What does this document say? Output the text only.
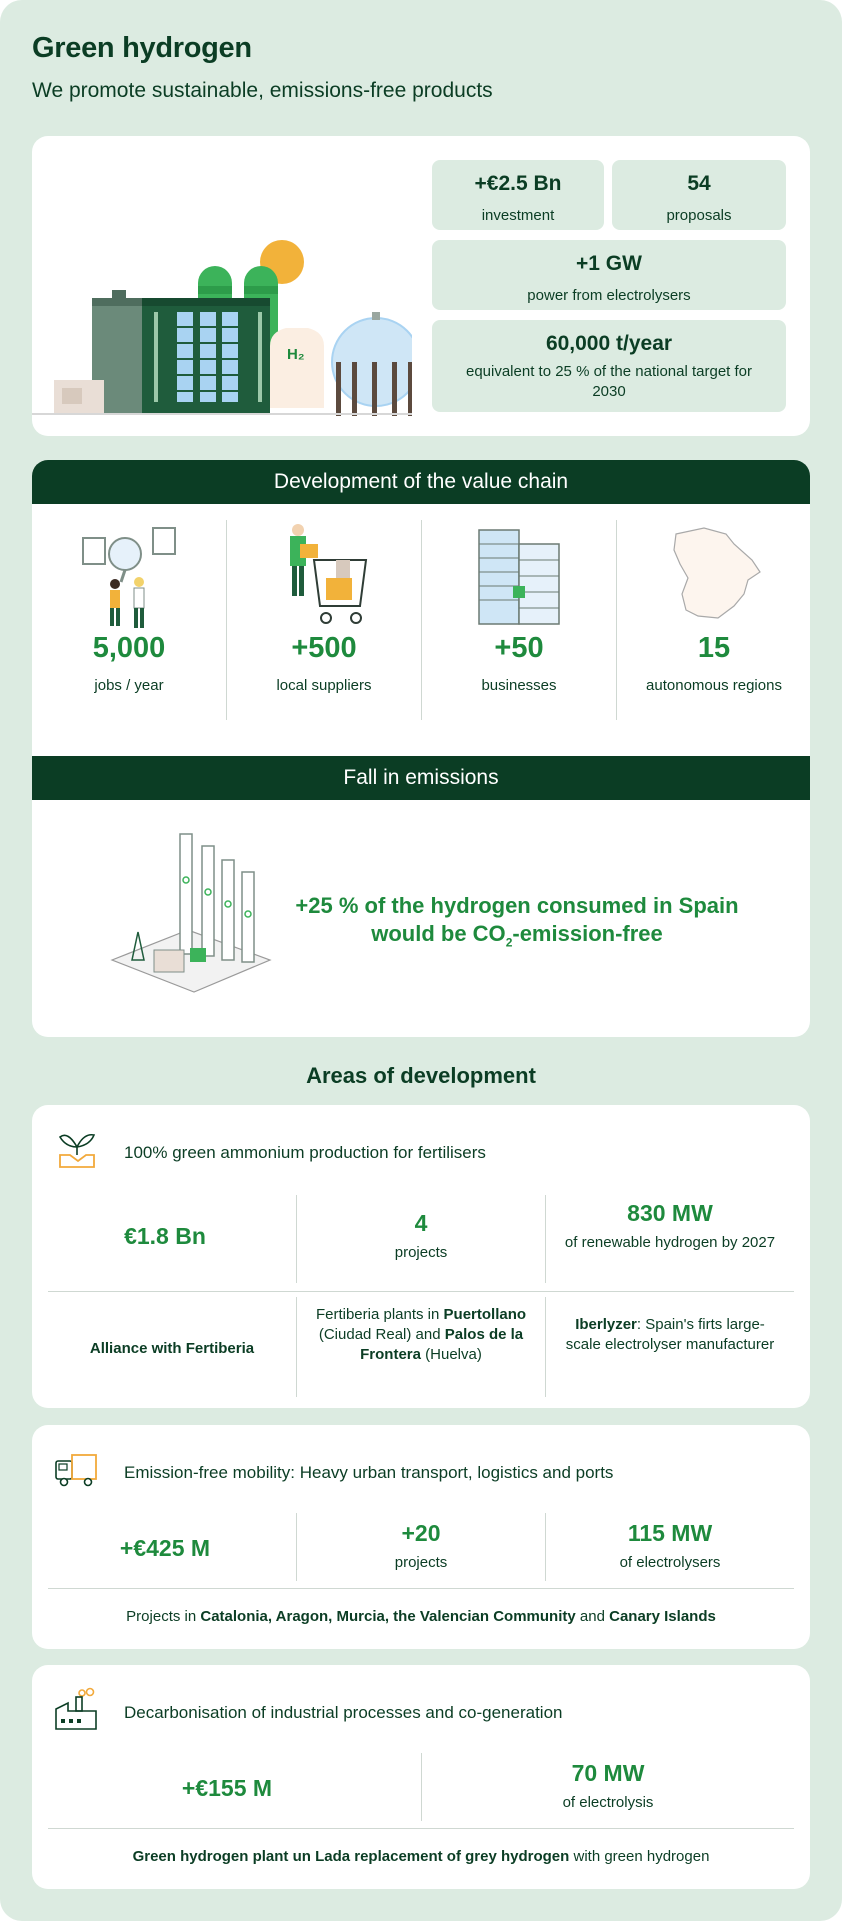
Green hydrogen
We promote sustainable, emissions-free products
H₂
+€2.5 Bn
investment
54
proposals
+1 GW
power from electrolysers
60,000 t/year
equivalent to 25 % of the national target for 2030
Development of the value chain
5,000
jobs / year
+500
local suppliers
+50
businesses
15
autonomous regions
Fall in emissions
+25 % of the hydrogen consumed in Spain
would be $CO_2-emission$-free
Areas of development
100% green ammonium production for fertilisers
€1.8 Bn	4
projects
830 MW
of renewable hydrogen by 2027
Alliance with Fertiberia
Fertiberia plants in Puertollano (Ciudad Real) and Palos de la Frontera (Huelva)
Iberlyzer: Spain's firts large-scale electrolyser manufacturer
Emission-free mobility: Heavy urban transport, logistics and ports
+€425 M
+20
projects
115 MW
of electrolysers
Projects in Catalonia, Aragon, Murcia, the Valencian Community and Canary Islands
Decarbonisation of industrial processes and co-generation
+€155 M
70 MW
of electrolysis
Green hydrogen plant un Lada replacement of grey hydrogen with green hydrogen
